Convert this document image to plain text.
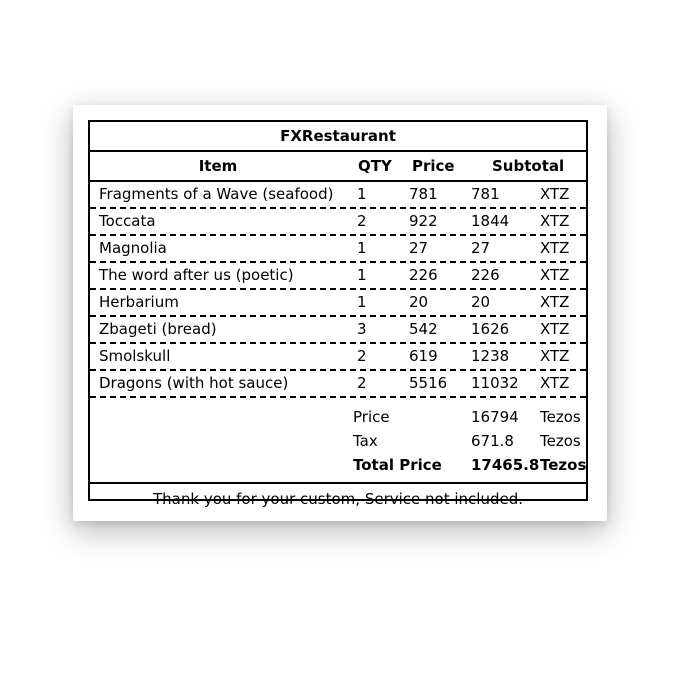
FXRestaurant
Item	QTY Price Subtotal
Fragments of a Wave (seafood) 1	781 781	XTZ
Toccata	2	922 1844 XTZ
Magnolia	1	27	27	XTZ
The word after us (poetic)	1	226 226	XTZ
Herbarium	1	20	20	XTZ
Zbageti (bread)	3	542 1626 XTZ
Smolskull	2	619 1238 XTZ
Dragons (with hot sauce)	2	5516 11032 XTZ
Price	16794 Tezos
Tax	671.8 Tezos
Total Price 17465.8 Tezos
Thank you for your custom, Service not included.
